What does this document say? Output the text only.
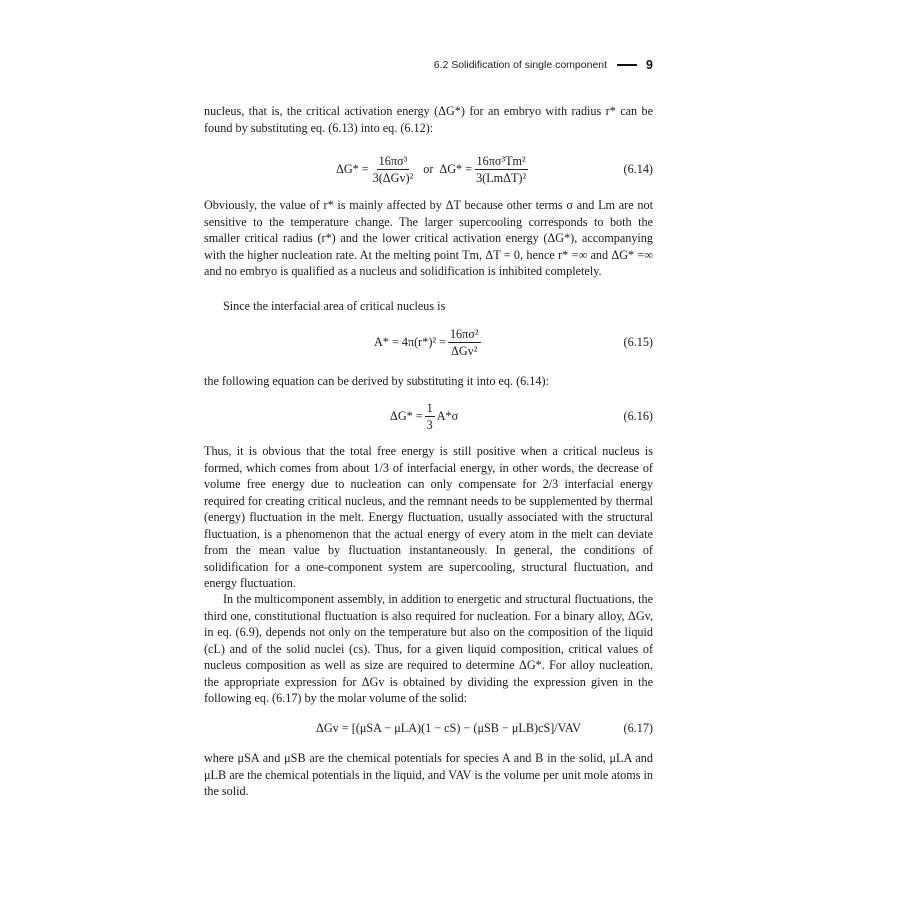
6.2 Solidification of single component	9

nucleus, that is, the critical activation energy (ΔG*) for an embryo with radius r* can be found by substituting eq. (6.13) into eq. (6.12):

$\Delta G* = \frac{\text{16πσ³}}{\text{3(ΔGv)²}}$ or $\Delta G* = \frac{\text{16πσ³Tm²}}{\text{3(LmΔT)²}}$	(6.14)

Obviously, the value of r* is mainly affected by ΔT because other terms σ and Lm are not sensitive to the temperature change. The larger supercooling corresponds to both the smaller critical radius (r*) and the lower critical activation energy (ΔG*), accompanying with the higher nucleation rate. At the melting point Tm, ΔT = 0, hence r* =∞ and ΔG* =∞ and no embryo is qualified as a nucleus and solidification is inhibited completely.

Since the interfacial area of critical nucleus is

$A* = 4\pi(r*)^2 = \frac{\text{16πσ²}}{\text{ΔGv²}}$	(6.15)

the following equation can be derived by substituting it into eq. (6.14):

$\Delta G* = \frac{1}{3} A*\sigma$	(6.16)

Thus, it is obvious that the total free energy is still positive when a critical nucleus is formed, which comes from about 1/3 of interfacial energy, in other words, the decrease of volume free energy due to nucleation can only compensate for 2/3 interfacial energy required for creating critical nucleus, and the remnant needs to be supplemented by thermal (energy) fluctuation in the melt. Energy fluctuation, usually associated with the structural fluctuation, is a phenomenon that the actual energy of every atom in the melt can deviate from the mean value by fluctuation instantaneously. In general, the conditions of solidification for a one-component system are supercooling, structural fluctuation, and energy fluctuation.

In the multicomponent assembly, in addition to energetic and structural fluctuations, the third one, constitutional fluctuation is also required for nucleation. For a binary alloy, ΔGv, in eq. (6.9), depends not only on the temperature but also on the composition of the liquid (cL) and of the solid nuclei (cs). Thus, for a given liquid composition, critical values of nucleus composition as well as size are required to determine ΔG*. For alloy nucleation, the appropriate expression for ΔGv is obtained by dividing the expression given in the following eq. (6.17) by the molar volume of the solid:

ΔGv = [(μSA − μLA)(1 − cS) − (μSB − μLB)cS]/VAV	(6.17)

where μSA and μSB are the chemical potentials for species A and B in the solid, μLA and μLB are the chemical potentials in the liquid, and VAV is the volume per unit mole atoms in the solid.
